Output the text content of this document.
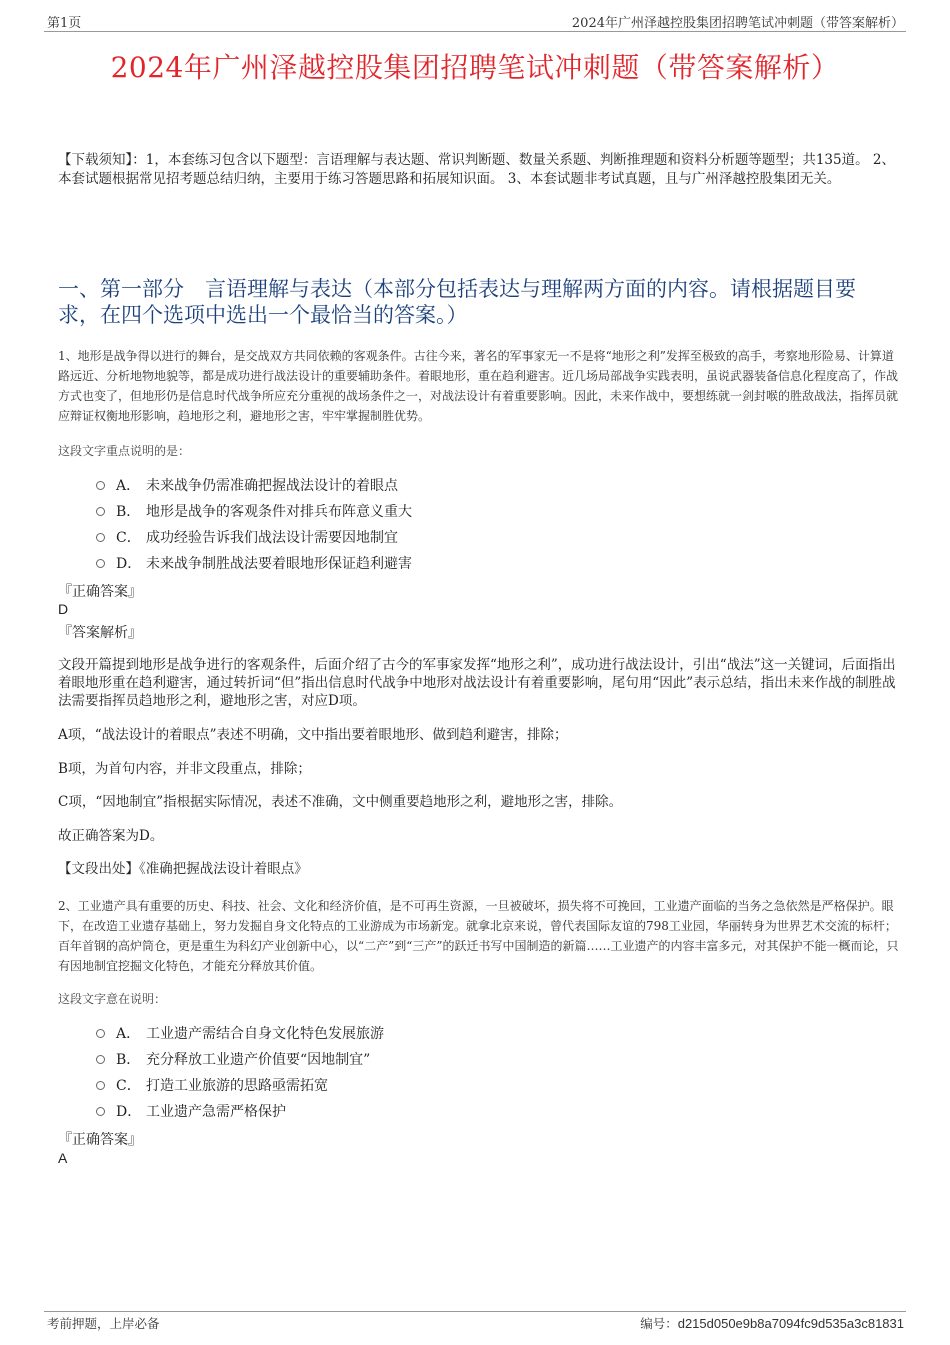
第1页	2024年广州泽越控股集团招聘笔试冲刺题（带答案解析）
2024年广州泽越控股集团招聘笔试冲刺题（带答案解析）
【下载须知】：1，本套练习包含以下题型：言语理解与表达题、常识判断题、数量关系题、判断推理题和资料分析题等题型；共135道。 2、本套试题根据常见招考题总结归纳，主要用于练习答题思路和拓展知识面。 3、本套试题非考试真题，且与广州泽越控股集团无关。
一、第一部分　言语理解与表达（本部分包括表达与理解两方面的内容。请根据题目要求，在四个选项中选出一个最恰当的答案。）
1、地形是战争得以进行的舞台，是交战双方共同依赖的客观条件。古往今来，著名的军事家无一不是将“地形之利”发挥至极致的高手，考察地形险易、计算道路远近、分析地物地貌等，都是成功进行战法设计的重要辅助条件。着眼地形，重在趋利避害。近几场局部战争实践表明，虽说武器装备信息化程度高了，作战方式也变了，但地形仍是信息时代战争所应充分重视的战场条件之一，对战法设计有着重要影响。因此，未来作战中，要想练就一剑封喉的胜敌战法，指挥员就应辩证权衡地形影响，趋地形之利，避地形之害，牢牢掌握制胜优势。
这段文字重点说明的是：
A． 未来战争仍需准确把握战法设计的着眼点
B． 地形是战争的客观条件对排兵布阵意义重大
C． 成功经验告诉我们战法设计需要因地制宜
D． 未来战争制胜战法要着眼地形保证趋利避害
『正确答案』
D
『答案解析』
文段开篇提到地形是战争进行的客观条件，后面介绍了古今的军事家发挥“地形之利”，成功进行战法设计，引出“战法”这一关键词，后面指出着眼地形重在趋利避害，通过转折词“但”指出信息时代战争中地形对战法设计有着重要影响，尾句用“因此”表示总结，指出未来作战的制胜战法需要指挥员趋地形之利，避地形之害，对应D项。
A项，“战法设计的着眼点”表述不明确，文中指出要着眼地形、做到趋利避害，排除；
B项，为首句内容，并非文段重点，排除；
C项，“因地制宜”指根据实际情况，表述不准确，文中侧重要趋地形之利，避地形之害，排除。
故正确答案为D。
【文段出处】《准确把握战法设计着眼点》
2、工业遗产具有重要的历史、科技、社会、文化和经济价值，是不可再生资源，一旦被破坏，损失将不可挽回，工业遗产面临的当务之急依然是严格保护。眼下，在改造工业遗存基础上，努力发掘自身文化特点的工业游成为市场新宠。就拿北京来说，曾代表国际友谊的798工业园，华丽转身为世界艺术交流的标杆；百年首钢的高炉筒仓，更是重生为科幻产业创新中心，以“二产”到“三产”的跃迁书写中国制造的新篇……工业遗产的内容丰富多元，对其保护不能一概而论，只有因地制宜挖掘文化特色，才能充分释放其价值。
这段文字意在说明：
A． 工业遗产需结合自身文化特色发展旅游
B． 充分释放工业遗产价值要“因地制宜”
C． 打造工业旅游的思路亟需拓宽
D． 工业遗产急需严格保护
『正确答案』
A
考前押题，上岸必备	编号：d215d050e9b8a7094fc9d535a3c81831
